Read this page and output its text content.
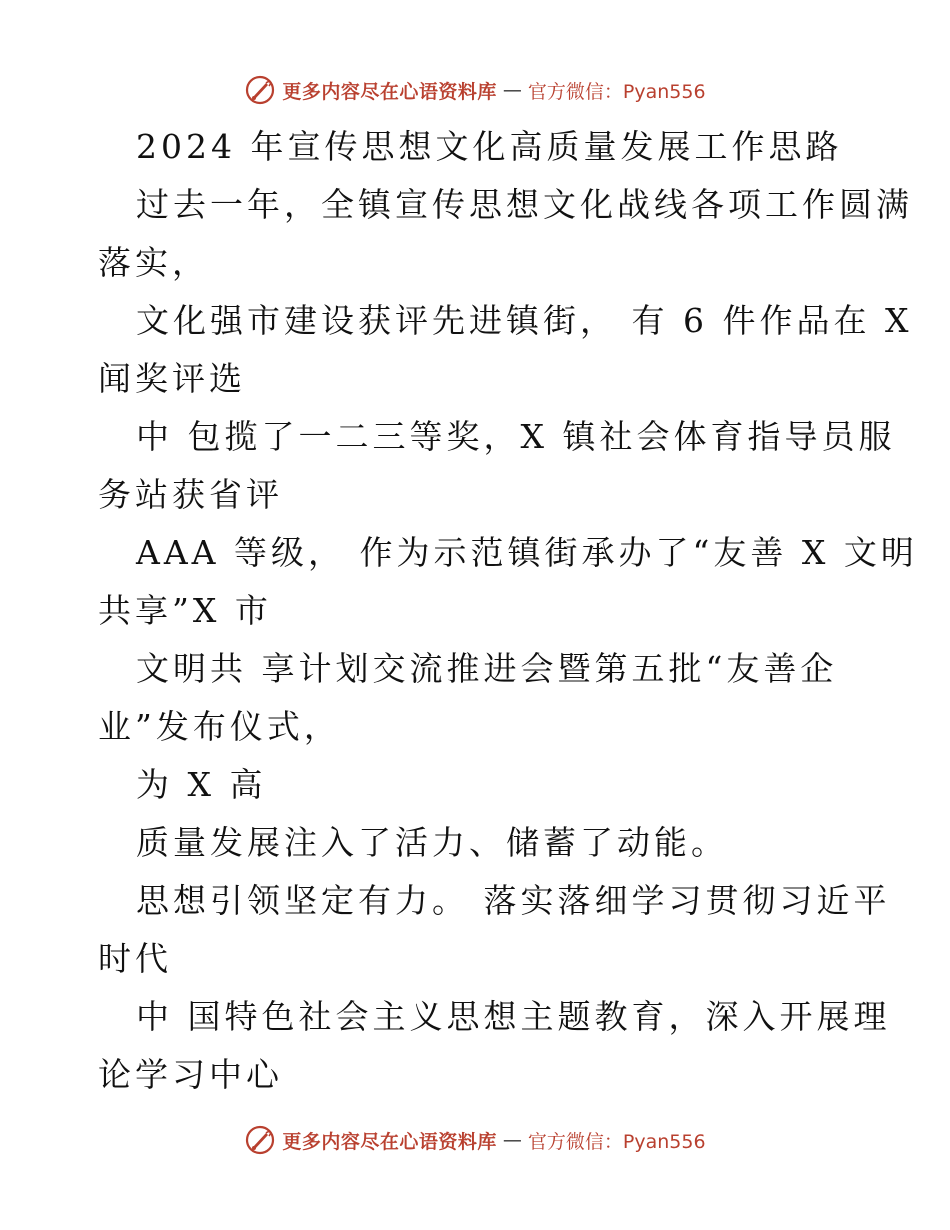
更多内容尽在心语资料库 — 官方微信：Pyan556
2024 年宣传思想文化高质量发展工作思路
过去一年，全镇宣传思想文化战线各项工作圆满
落实，
文化强市建设获评先进镇街， 有 6 件作品在 X
闻奖评选
中 包揽了一二三等奖，X 镇社会体育指导员服
务站获省评
AAA 等级， 作为示范镇街承办了“友善 X 文明
共享”X 市
文明共 享计划交流推进会暨第五批“友善企
业”发布仪式，
为 X 高
质量发展注入了活力、储蓄了动能。
思想引领坚定有力。 落实落细学习贯彻习近平
时代
中 国特色社会主义思想主题教育，深入开展理
论学习中心
更多内容尽在心语资料库 — 官方微信：Pyan556
